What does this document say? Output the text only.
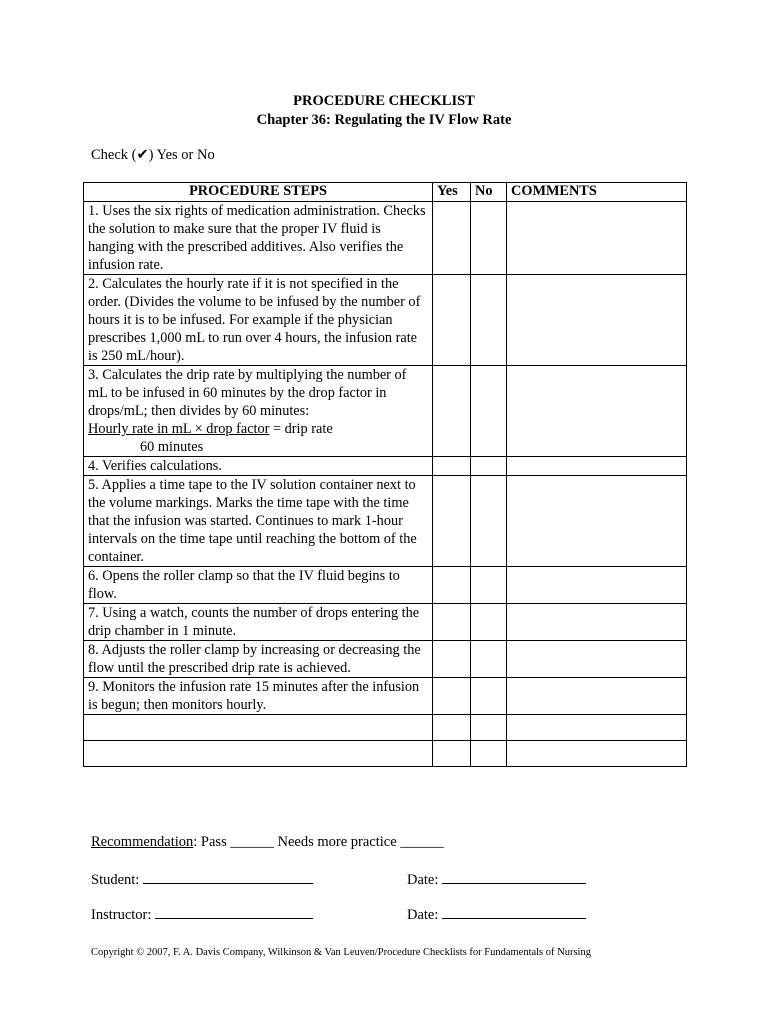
PROCEDURE CHECKLIST
Chapter 36: Regulating the IV Flow Rate
Check (✔) Yes or No
PROCEDURE STEPS	Yes	No	COMMENTS
1. Uses the six rights of medication administration. Checks the solution to make sure that the proper IV fluid is hanging with the prescribed additives. Also verifies the infusion rate.			
2. Calculates the hourly rate if it is not specified in the order. (Divides the volume to be infused by the number of hours it is to be infused. For example if the physician prescribes 1,000 mL to run over 4 hours, the infusion rate is 250 mL/hour).			
3. Calculates the drip rate by multiplying the number of mL to be infused in 60 minutes by the drop factor in drops/mL; then divides by 60 minutes:
Hourly rate in mL × drop factor = drip rate
60 minutes			

4. Verifies calculations.			
5. Applies a time tape to the IV solution container next to the volume markings. Marks the time tape with the time that the infusion was started. Continues to mark 1-hour intervals on the time tape until reaching the bottom of the container.			
6. Opens the roller clamp so that the IV fluid begins to flow.			
7. Using a watch, counts the number of drops entering the drip chamber in 1 minute.			
8. Adjusts the roller clamp by increasing or decreasing the flow until the prescribed drip rate is achieved.			
9. Monitors the infusion rate 15 minutes after the infusion is begun; then monitors hourly.			

Recommendation: Pass ______ Needs more practice ______
Student:	Date:
Instructor:	Date:
Copyright © 2007, F. A. Davis Company, Wilkinson & Van Leuven/Procedure Checklists for Fundamentals of Nursing
